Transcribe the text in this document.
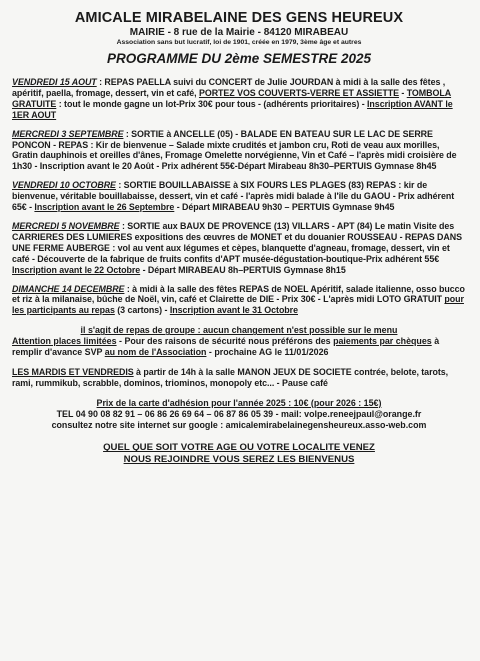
AMICALE MIRABELAINE DES GENS HEUREUX
MAIRIE - 8 rue de la Mairie - 84120 MIRABEAU
Association sans but lucratif, loi de 1901, créée en 1979, 3ème âge et autres
PROGRAMME DU 2ème SEMESTRE 2025
VENDREDI 15 AOUT : REPAS PAELLA suivi du CONCERT de Julie JOURDAN à midi à la salle des fêtes , apéritif, paella, fromage, dessert, vin et café, PORTEZ VOS COUVERTS-VERRE ET ASSIETTE - TOMBOLA GRATUITE : tout le monde gagne un lot-Prix 30€ pour tous - (adhérents prioritaires) - Inscription AVANT le 1ER AOUT
MERCREDI 3 SEPTEMBRE : SORTIE à ANCELLE (05) - BALADE EN BATEAU SUR LE LAC DE SERRE PONCON - REPAS : Kir de bienvenue – Salade mixte crudités et jambon cru, Roti de veau aux morilles, Gratin dauphinois et oreilles d'ânes, Fromage Omelette norvégienne, Vin et Café – l'après midi croisière de 1h30 - Inscription avant le 20 Août - Prix adhérent 55€-Départ Mirabeau 8h30–PERTUIS Gymnase 8h45
VENDREDI 10 OCTOBRE : SORTIE BOUILLABAISSE à SIX FOURS LES PLAGES (83) REPAS : kir de bienvenue, véritable bouillabaisse, dessert, vin et café - l'après midi balade à l'île du GAOU - Prix adhérent 65€ - Inscription avant le 26 Septembre - Départ MIRABEAU 9h30 – PERTUIS Gymnase 9h45
MERCREDI 5 NOVEMBRE : SORTIE aux BAUX DE PROVENCE (13) VILLARS - APT (84) Le matin Visite des CARRIERES DES LUMIERES expositions des œuvres de MONET et du douanier ROUSSEAU - REPAS DANS UNE FERME AUBERGE : vol au vent aux légumes et cèpes, blanquette d'agneau, fromage, dessert, vin et café - Découverte de la fabrique de fruits confits d'APT musée-dégustation-boutique-Prix adhérent 55€ Inscription avant le 22 Octobre - Départ MIRABEAU 8h–PERTUIS Gymnase 8h15
DIMANCHE 14 DECEMBRE : à midi à la salle des fêtes REPAS de NOEL Apéritif, salade italienne, osso bucco et riz à la milanaise, bûche de Noël, vin, café et Clairette de DIE - Prix 30€ - L'après midi LOTO GRATUIT pour les participants au repas (3 cartons) - Inscription avant le 31 Octobre
il s'agit de repas de groupe : aucun changement n'est possible sur le menu
Attention places limitées - Pour des raisons de sécurité nous préférons des paiements par chèques à remplir d'avance SVP au nom de l'Association - prochaine AG le 11/01/2026
LES MARDIS ET VENDREDIS à partir de 14h à la salle MANON JEUX DE SOCIETE contrée, belote, tarots, rami, rummikub, scrabble, dominos, triominos, monopoly etc... - Pause café
Prix de la carte d'adhésion pour l'année 2025 : 10€ (pour 2026 : 15€)
TEL 04 90 08 82 91 – 06 86 26 69 64 – 06 87 86 05 39 - mail: volpe.reneejpaul@orange.fr
consultez notre site internet sur google : amicalemirabelainegensheureux.asso-web.com
QUEL QUE SOIT VOTRE AGE OU VOTRE LOCALITE VENEZ
NOUS REJOINDRE VOUS SEREZ LES BIENVENUS
